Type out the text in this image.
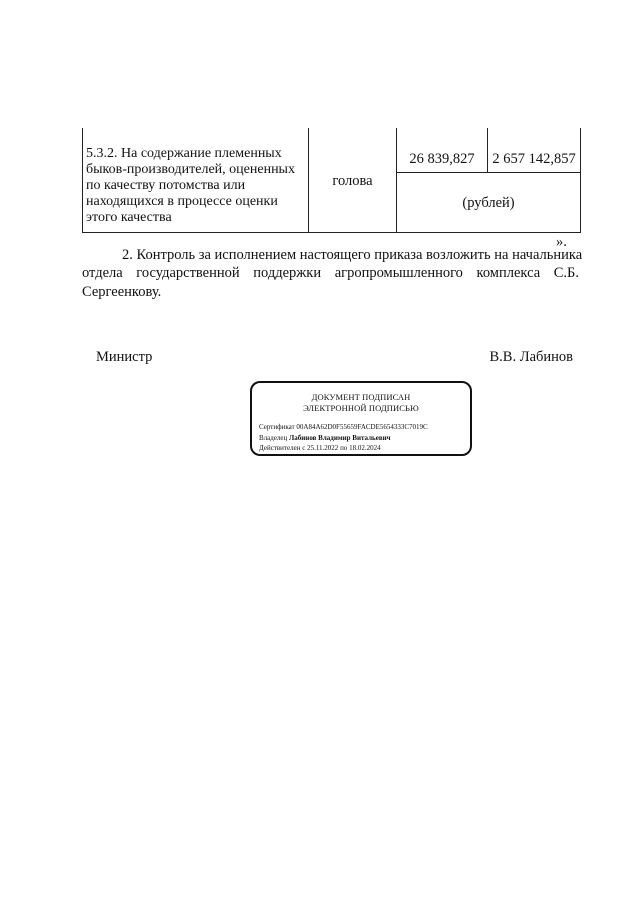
5.3.2. На содержание племенных
быков-производителей, оцененных
по качеству потомства или
находящихся в процессе оценки
этого качества
голова
26 839,827	2 657 142,857
(рублей)
».
2. Контроль за исполнением настоящего приказа возложить на начальника
отдела государственной поддержки агропромышленного комплекса С.Б.
Сергеенкову.
Министр	В.В. Лабинов
ДОКУМЕНТ ПОДПИСАН
ЭЛЕКТРОННОЙ ПОДПИСЬЮ
Сертификат 00A84A62D0F55659FACDE5654333C7019C
Владелец Лабинов Владимир Витальевич
Действителен с 25.11.2022 по 18.02.2024
